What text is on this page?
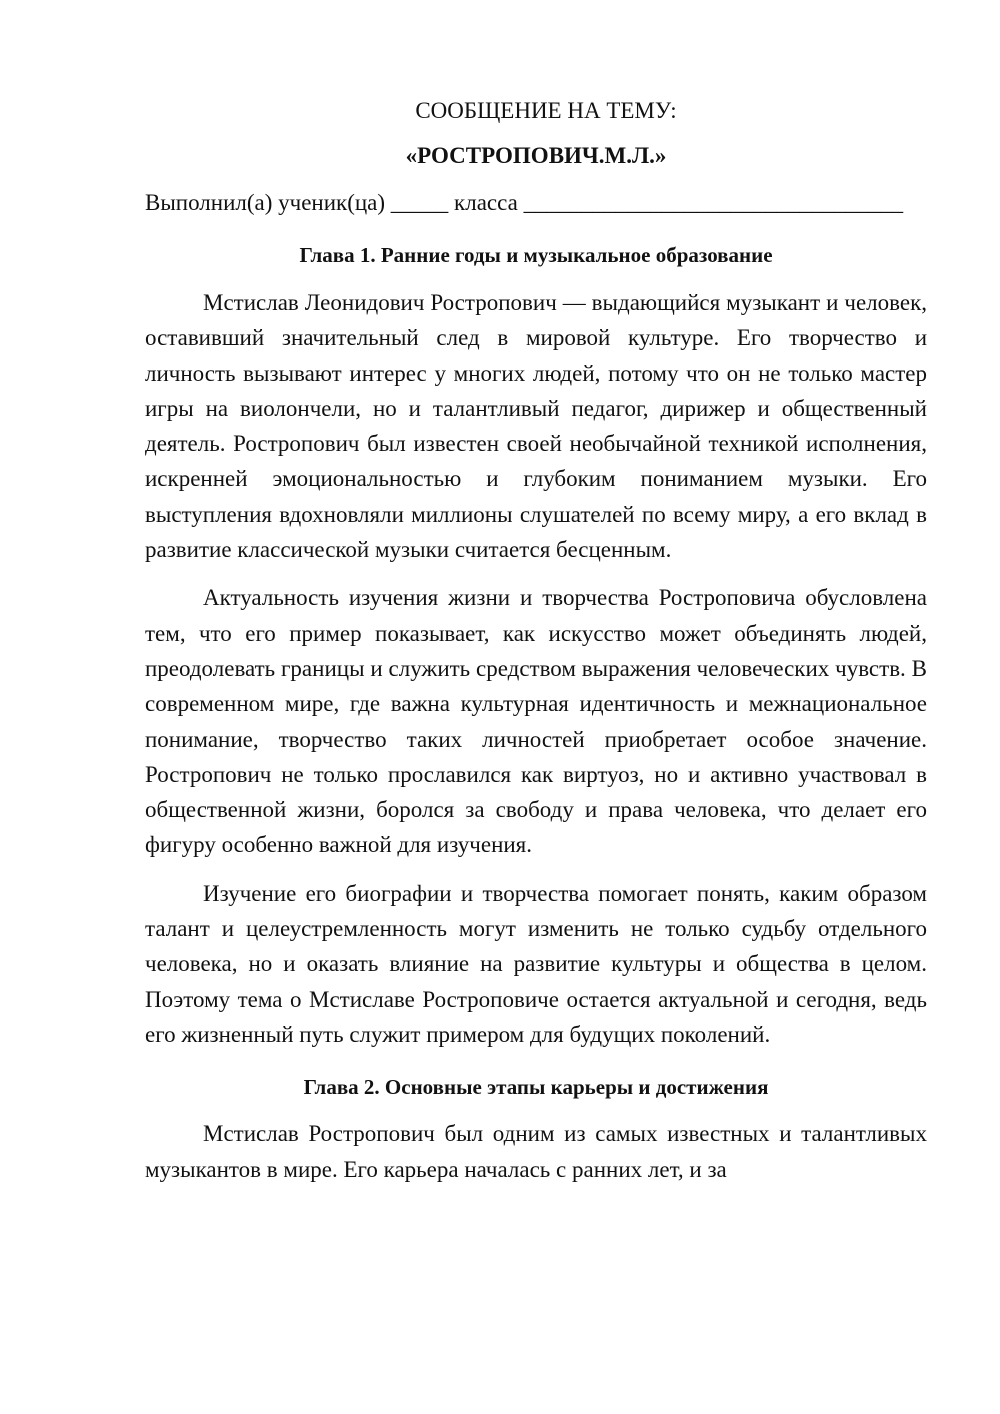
СООБЩЕНИЕ НА ТЕМУ:

«РОСТРОПОВИЧ.М.Л.»

Выполнил(а) ученик(ца) _____ класса _________________________________

Глава 1. Ранние годы и музыкальное образование

Мстислав Леонидович Ростропович — выдающийся музыкант и человек, оставивший значительный след в мировой культуре. Его творчество и личность вызывают интерес у многих людей, потому что он не только мастер игры на виолончели, но и талантливый педагог, дирижер и общественный деятель. Ростропович был известен своей необычайной техникой исполнения, искренней эмоциональностью и глубоким пониманием музыки. Его выступления вдохновляли миллионы слушателей по всему миру, а его вклад в развитие классической музыки считается бесценным.

Актуальность изучения жизни и творчества Ростроповича обусловлена тем, что его пример показывает, как искусство может объединять людей, преодолевать границы и служить средством выражения человеческих чувств. В современном мире, где важна культурная идентичность и межнациональное понимание, творчество таких личностей приобретает особое значение. Ростропович не только прославился как виртуоз, но и активно участвовал в общественной жизни, боролся за свободу и права человека, что делает его фигуру особенно важной для изучения.

Изучение его биографии и творчества помогает понять, каким образом талант и целеустремленность могут изменить не только судьбу отдельного человека, но и оказать влияние на развитие культуры и общества в целом. Поэтому тема о Мстиславе Ростроповиче остается актуальной и сегодня, ведь его жизненный путь служит примером для будущих поколений.

Глава 2. Основные этапы карьеры и достижения

Мстислав Ростропович был одним из самых известных и талантливых музыкантов в мире. Его карьера началась с ранних лет, и за
